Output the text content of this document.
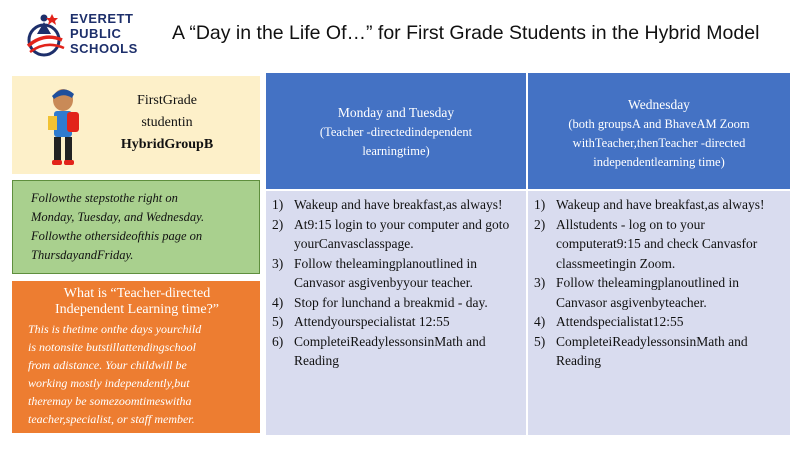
EVERETT
PUBLIC
SCHOOLS
A “Day in the Life Of…” for First Grade Students in the Hybrid Model
FirstGrade
studentin
HybridGroupB
Followthe stepstothe right on
Monday, Tuesday, and Wednesday.
Followthe othersideofthis page on
ThursdayandFriday.
What is “Teacher-directed
Independent Learning time?”
This is thetime onthe days yourchild
is notonsite butstillattendingschool
from adistance. Your childwill be
working mostly independently,but
theremay be somezoomtimeswitha
teacher,specialist, or staff member.
Monday and Tuesday
(Teacher -directedindependent
learningtime)
Wednesday
(both groupsA and BhaveAM Zoom withTeacher,thenTeacher -directed
independentlearning time)
1) Wakeup and have breakfast,as always!
2) At9:15 login to your computer and goto yourCanvasclasspage.
3) Follow theleamingplanoutlined in Canvasor asgivenbyyour teacher.
4) Stop for lunchand a breakmid - day.
5) Attendyourspecialistat 12:55
6) CompleteiReadylessonsinMath and Reading
1) Wakeup and have breakfast,as always!
2) Allstudents - log on to your computerat9:15 and check Canvasfor classmeetingin Zoom.
3) Follow theleamingplanoutlined in Canvasor asgivenbyteacher.
4) Attendspecialistat12:55
5) CompleteiReadylessonsinMath and Reading
